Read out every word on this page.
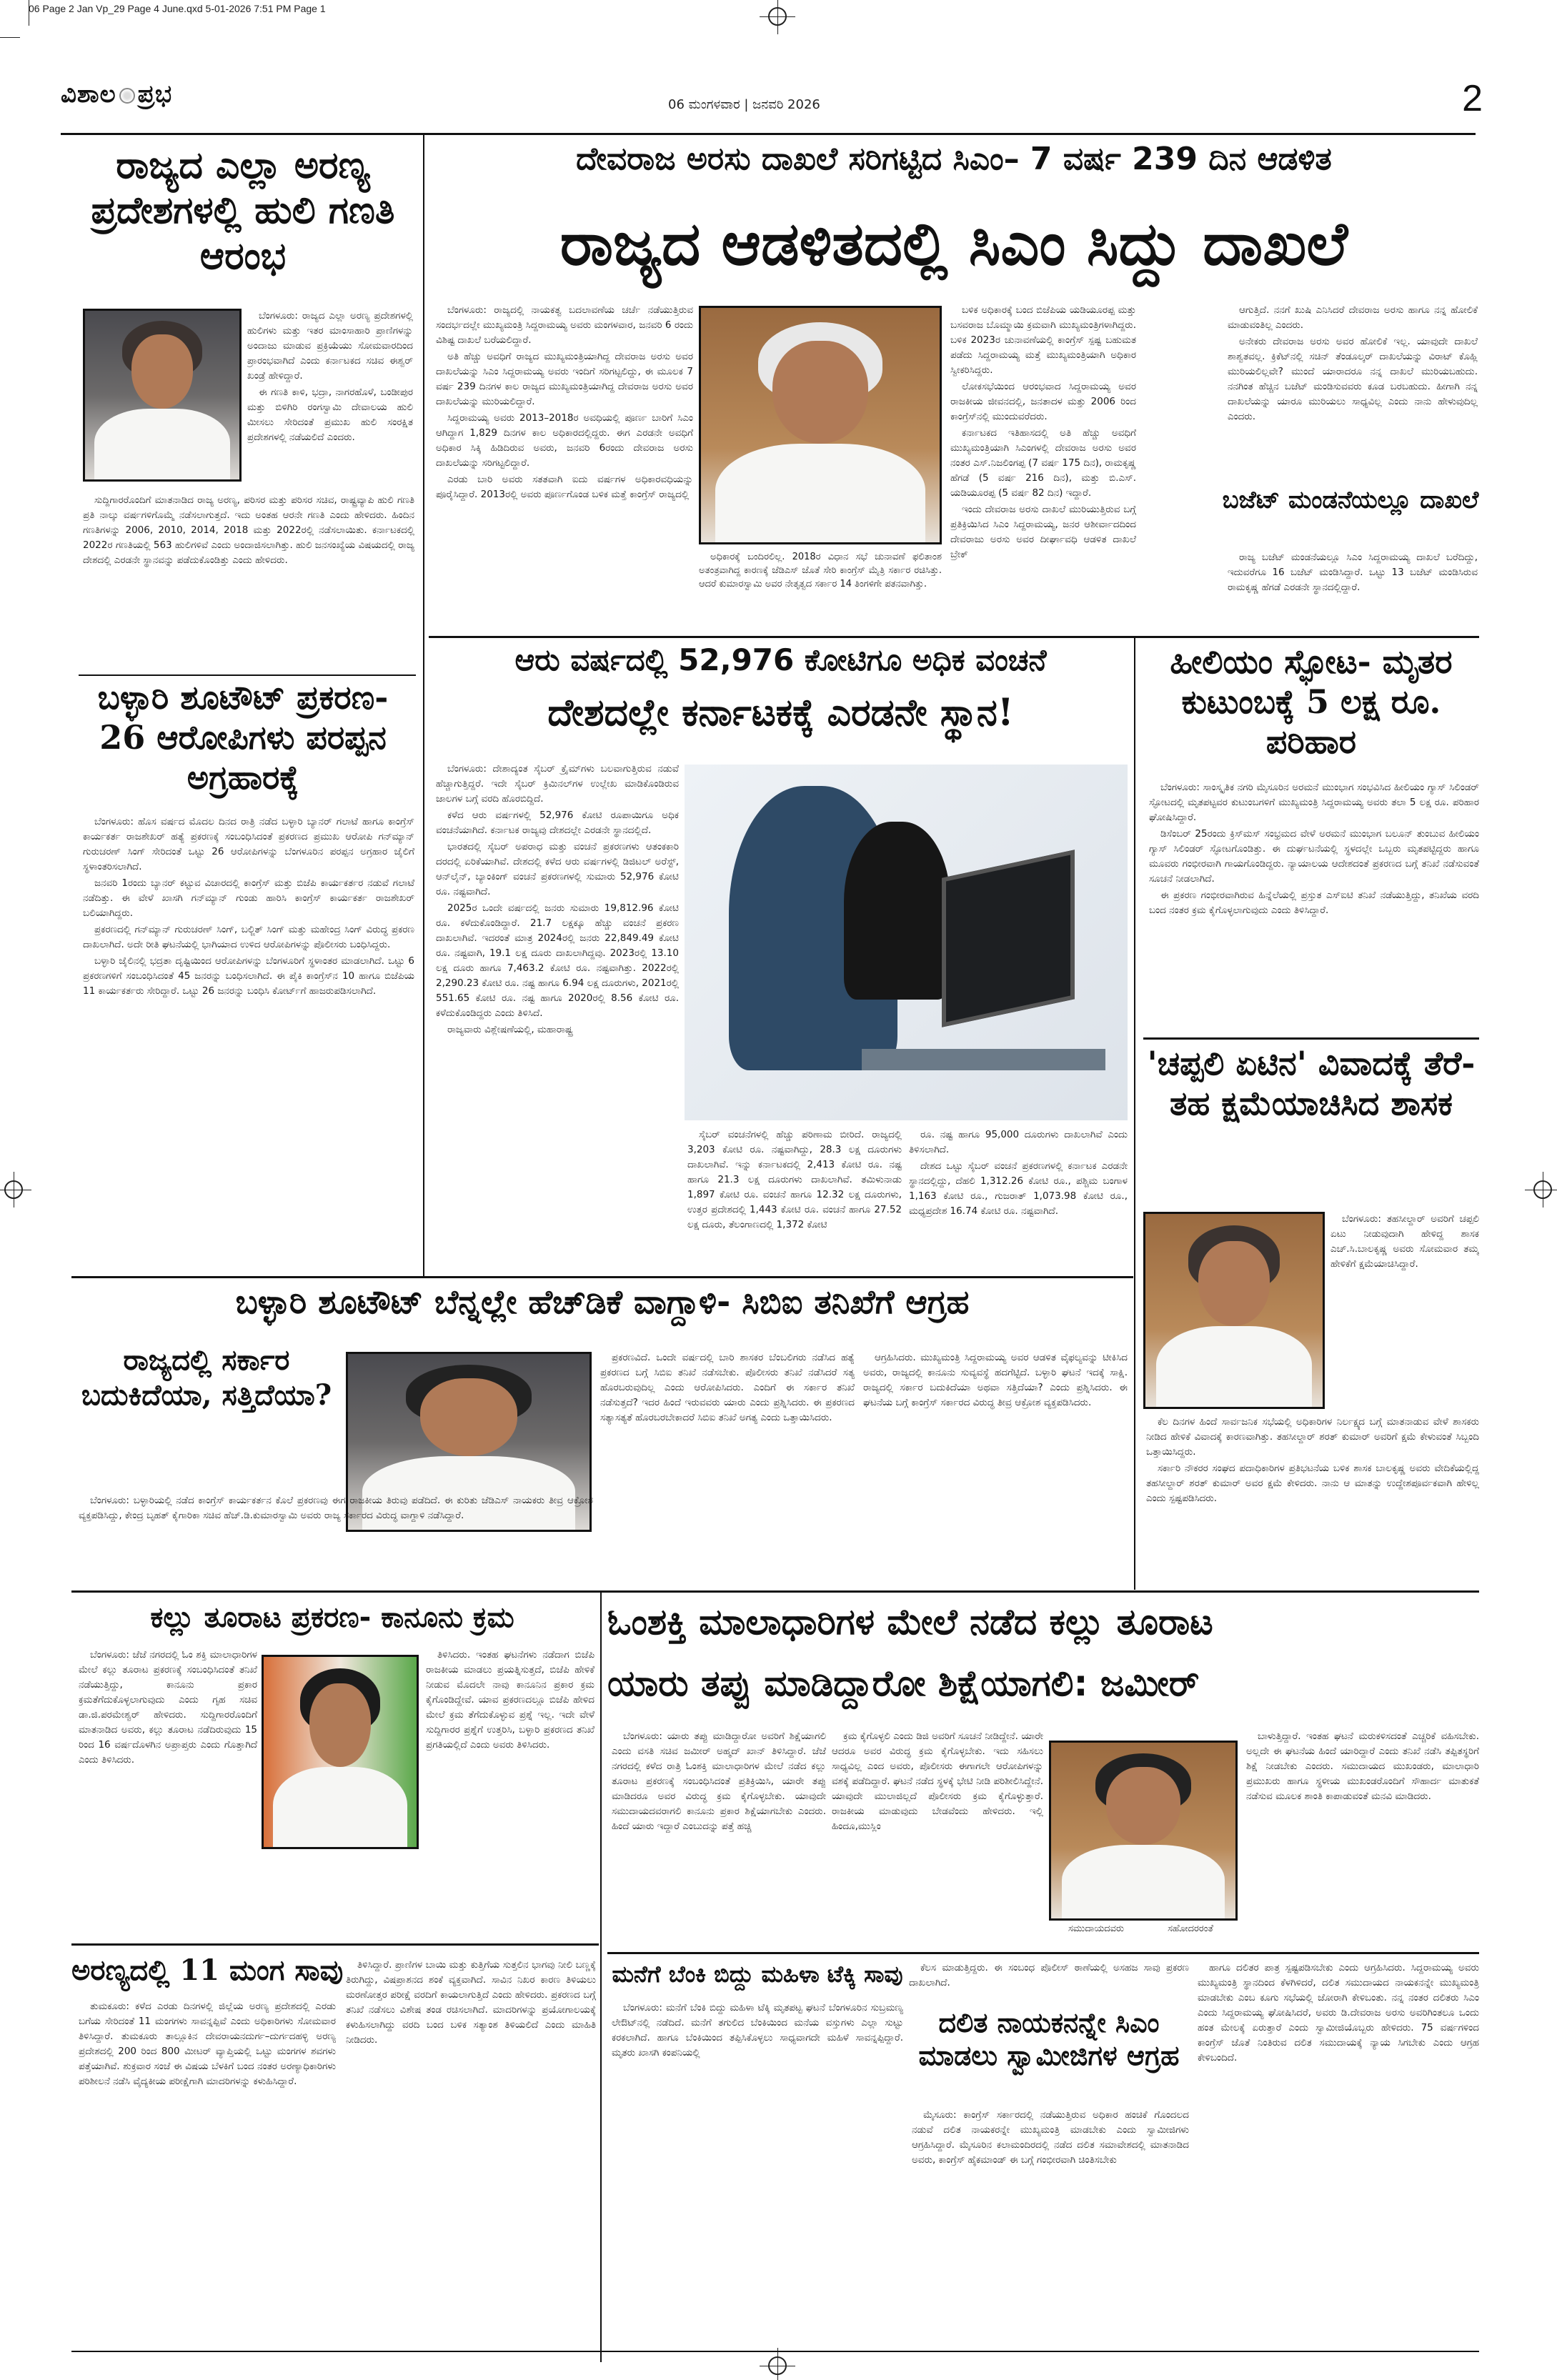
06 Page 2 Jan Vp_29 Page 4 June.qxd 5-01-2026 7:51 PM Page 1
ವಿಶಾಲ ಪ್ರಭ	06 ಮಂಗಳವಾರ | ಜನವರಿ 2026	2
ರಾಜ್ಯದ ಎಲ್ಲಾ ಅರಣ್ಯ ಪ್ರದೇಶಗಳಲ್ಲಿ ಹುಲಿ ಗಣತಿ ಆರಂಭ

ಬೆಂಗಳೂರು: ರಾಜ್ಯದ ಎಲ್ಲಾ ಅರಣ್ಯ ಪ್ರದೇಶಗಳಲ್ಲಿ ಹುಲಿಗಳು ಮತ್ತು ಇತರ ಮಾಂಸಾಹಾರಿ ಪ್ರಾಣಿಗಳನ್ನು ಅಂದಾಜು ಮಾಡುವ ಪ್ರಕ್ರಿಯೆಯು ಸೋಮವಾರದಿಂದ ಪ್ರಾರಂಭವಾಗಿದೆ ಎಂದು ಕರ್ನಾಟಕದ ಸಚಿವ ಈಶ್ವರ್ ಖಂಡ್ರೆ ಹೇಳಿದ್ದಾರೆ.

ಈ ಗಣತಿ ಕಾಳಿ, ಭದ್ರಾ, ನಾಗರಹೊಳೆ, ಬಂಡೀಪುರ ಮತ್ತು ಬಿಳಿಗಿರಿ ರಂಗಸ್ವಾಮಿ ದೇವಾಲಯ ಹುಲಿ ಮೀಸಲು ಸೇರಿದಂತೆ ಪ್ರಮುಖ ಹುಲಿ ಸಂರಕ್ಷಿತ ಪ್ರದೇಶಗಳಲ್ಲಿ ನಡೆಯಲಿದೆ ಎಂದರು.

ಸುದ್ದಿಗಾರರೊಂದಿಗೆ ಮಾತನಾಡಿದ ರಾಜ್ಯ ಅರಣ್ಯ, ಪರಿಸರ ಮತ್ತು ಪರಿಸರ ಸಚಿವ, ರಾಷ್ಟ್ರವ್ಯಾಪಿ ಹುಲಿ ಗಣತಿ ಪ್ರತಿ ನಾಲ್ಕು ವರ್ಷಗಳಿಗೊಮ್ಮೆ ನಡೆಸಲಾಗುತ್ತದೆ. ಇದು ಅಂತಹ ಆರನೇ ಗಣತಿ ಎಂದು ಹೇಳಿದರು. ಹಿಂದಿನ ಗಣತಿಗಳನ್ನು 2006, 2010, 2014, 2018 ಮತ್ತು 2022ರಲ್ಲಿ ನಡೆಸಲಾಯಿತು. ಕರ್ನಾಟಕದಲ್ಲಿ 2022ರ ಗಣತಿಯಲ್ಲಿ 563 ಹುಲಿಗಳಿವೆ ಎಂದು ಅಂದಾಜಿಸಲಾಗಿತ್ತು. ಹುಲಿ ಜನಸಂಖ್ಯೆಯ ವಿಷಯದಲ್ಲಿ ರಾಜ್ಯ ದೇಶದಲ್ಲಿ ಎರಡನೇ ಸ್ಥಾನವನ್ನು ಪಡೆದುಕೊಂಡಿತ್ತು ಎಂದು ಹೇಳಿದರು.

ಬಳ್ಳಾರಿ ಶೂಟೌಟ್ ಪ್ರಕರಣ- 26 ಆರೋಪಿಗಳು ಪರಪ್ಪನ ಅಗ್ರಹಾರಕ್ಕೆ

ಬೆಂಗಳೂರು: ಹೊಸ ವರ್ಷದ ಮೊದಲ ದಿನದ ರಾತ್ರಿ ನಡೆದ ಬಳ್ಳಾರಿ ಬ್ಯಾನರ್ ಗಲಾಟೆ ಹಾಗೂ ಕಾಂಗ್ರೆಸ್ ಕಾರ್ಯಕರ್ತ ರಾಜಶೇಖರ್ ಹತ್ಯೆ ಪ್ರಕರಣಕ್ಕೆ ಸಂಬಂಧಿಸಿದಂತೆ ಪ್ರಕರಣದ ಪ್ರಮುಖ ಆರೋಪಿ ಗನ್‌ಮ್ಯಾನ್ ಗುರುಚರಣ್ ಸಿಂಗ್ ಸೇರಿದಂತೆ ಒಟ್ಟು 26 ಆರೋಪಿಗಳನ್ನು ಬೆಂಗಳೂರಿನ ಪರಪ್ಪನ ಅಗ್ರಹಾರ ಜೈಲಿಗೆ ಸ್ಥಳಾಂತರಿಸಲಾಗಿದೆ.

ಜನವರಿ 1ರಂದು ಬ್ಯಾನರ್ ಕಟ್ಟುವ ವಿಚಾರದಲ್ಲಿ ಕಾಂಗ್ರೆಸ್ ಮತ್ತು ಬಿಜೆಪಿ ಕಾರ್ಯಕರ್ತರ ನಡುವೆ ಗಲಾಟೆ ನಡೆದಿತ್ತು. ಈ ವೇಳೆ ಖಾಸಗಿ ಗನ್‌ಮ್ಯಾನ್ ಗುಂಡು ಹಾರಿಸಿ ಕಾಂಗ್ರೆಸ್ ಕಾರ್ಯಕರ್ತ ರಾಜಶೇಖರ್ ಬಲಿಯಾಗಿದ್ದರು.

ಪ್ರಕರಣದಲ್ಲಿ ಗನ್‌ಮ್ಯಾನ್ ಗುರುಚರಣ್ ಸಿಂಗ್, ಬಲ್ಜಿತ್ ಸಿಂಗ್ ಮತ್ತು ಮಹೇಂದ್ರ ಸಿಂಗ್ ವಿರುದ್ಧ ಪ್ರಕರಣ ದಾಖಲಾಗಿದೆ. ಅದೇ ರೀತಿ ಘಟನೆಯಲ್ಲಿ ಭಾಗಿಯಾದ ಉಳಿದ ಆರೋಪಿಗಳನ್ನು ಪೊಲೀಸರು ಬಂಧಿಸಿದ್ದರು.

ಬಳ್ಳಾರಿ ಜೈಲಿನಲ್ಲಿ ಭದ್ರತಾ ದೃಷ್ಟಿಯಿಂದ ಆರೋಪಿಗಳನ್ನು ಬೆಂಗಳೂರಿಗೆ ಸ್ಥಳಾಂತರ ಮಾಡಲಾಗಿದೆ. ಒಟ್ಟು 6 ಪ್ರಕರಣಗಳಿಗೆ ಸಂಬಂಧಿಸಿದಂತೆ 45 ಜನರನ್ನು ಬಂಧಿಸಲಾಗಿದೆ. ಈ ಪೈಕಿ ಕಾಂಗ್ರೆಸ್‌ನ 10 ಹಾಗೂ ಬಿಜೆಪಿಯ 11 ಕಾರ್ಯಕರ್ತರು ಸೇರಿದ್ದಾರೆ. ಒಟ್ಟು 26 ಜನರನ್ನು ಬಂಧಿಸಿ ಕೋರ್ಟ್‌ಗೆ ಹಾಜರುಪಡಿಸಲಾಗಿದೆ.

ದೇವರಾಜ ಅರಸು ದಾಖಲೆ ಸರಿಗಟ್ಟಿದ ಸಿಎಂ– 7 ವರ್ಷ 239 ದಿನ ಆಡಳಿತ
ರಾಜ್ಯದ ಆಡಳಿತದಲ್ಲಿ ಸಿಎಂ ಸಿದ್ದು ದಾಖಲೆ

ಬೆಂಗಳೂರು: ರಾಜ್ಯದಲ್ಲಿ ನಾಯಕತ್ವ ಬದಲಾವಣೆಯ ಚರ್ಚೆ ನಡೆಯುತ್ತಿರುವ ಸಂದರ್ಭದಲ್ಲೇ ಮುಖ್ಯಮಂತ್ರಿ ಸಿದ್ದರಾಮಯ್ಯ ಅವರು ಮಂಗಳವಾರ, ಜನವರಿ 6 ರಂದು ವಿಶಿಷ್ಟ ದಾಖಲೆ ಬರೆಯಲಿದ್ದಾರೆ.

ಅತಿ ಹೆಚ್ಚು ಅವಧಿಗೆ ರಾಜ್ಯದ ಮುಖ್ಯಮಂತ್ರಿಯಾಗಿದ್ದ ದೇವರಾಜ ಅರಸು ಅವರ ದಾಖಲೆಯನ್ನು ಸಿಎಂ ಸಿದ್ದರಾಮಯ್ಯ ಅವರು ಇಂದಿಗೆ ಸರಿಗಟ್ಟಲಿದ್ದು, ಈ ಮೂಲಕ 7 ವರ್ಷ 239 ದಿನಗಳ ಕಾಲ ರಾಜ್ಯದ ಮುಖ್ಯಮಂತ್ರಿಯಾಗಿದ್ದ ದೇವರಾಜ ಅರಸು ಅವರ ದಾಖಲೆಯನ್ನು ಮುರಿಯಲಿದ್ದಾರೆ.

ಸಿದ್ದರಾಮಯ್ಯ ಅವರು 2013–2018ರ ಅವಧಿಯಲ್ಲಿ ಪೂರ್ಣ ಬಾರಿಗೆ ಸಿಎಂ ಆಗಿದ್ದಾಗ 1,829 ದಿನಗಳ ಕಾಲ ಅಧಿಕಾರದಲ್ಲಿದ್ದರು. ಈಗ ಎರಡನೇ ಅವಧಿಗೆ ಅಧಿಕಾರ ಸಿಕ್ಕಿ ಹಿಡಿದಿರುವ ಅವರು, ಜನವರಿ 6ರಂದು ದೇವರಾಜ ಅರಸು ದಾಖಲೆಯನ್ನು ಸರಿಗಟ್ಟಲಿದ್ದಾರೆ.

ಎರಡು ಬಾರಿ ಅವರು ಸತತವಾಗಿ ಐದು ವರ್ಷಗಳ ಅಧಿಕಾರವಧಿಯನ್ನು ಪೂರೈಸಿದ್ದಾರೆ. 2013ರಲ್ಲಿ ಅವರು ಪೂರ್ಣಗೊಂಡ ಬಳಿಕ ಮತ್ತೆ ಕಾಂಗ್ರೆಸ್ ರಾಜ್ಯದಲ್ಲಿ

ಅಧಿಕಾರಕ್ಕೆ ಬಂದಿರಲಿಲ್ಲ. 2018ರ ವಿಧಾನ ಸಭೆ ಚುನಾವಣೆ ಫಲಿತಾಂಶ ಅತಂತ್ರವಾಗಿದ್ದ ಕಾರಣಕ್ಕೆ ಜೆಡಿಎಸ್ ಜೊತೆ ಸೇರಿ ಕಾಂಗ್ರೆಸ್ ಮೈತ್ರಿ ಸರ್ಕಾರ ರಚಿಸಿತ್ತು. ಆದರೆ ಕುಮಾರಸ್ವಾಮಿ ಅವರ ನೇತೃತ್ವದ ಸರ್ಕಾರ 14 ತಿಂಗಳಿಗೇ ಪತನವಾಗಿತ್ತು.

ಬಳಿಕ ಅಧಿಕಾರಕ್ಕೆ ಬಂದ ಬಿಜೆಪಿಯ ಯಡಿಯೂರಪ್ಪ ಮತ್ತು ಬಸವರಾಜ ಬೊಮ್ಮಾಯಿ ಕ್ರಮವಾಗಿ ಮುಖ್ಯಮಂತ್ರಿಗಳಾಗಿದ್ದರು. ಬಳಿಕ 2023ರ ಚುನಾವಣೆಯಲ್ಲಿ ಕಾಂಗ್ರೆಸ್ ಸ್ಪಷ್ಟ ಬಹುಮತ ಪಡೆದು ಸಿದ್ದರಾಮಯ್ಯ ಮತ್ತೆ ಮುಖ್ಯಮಂತ್ರಿಯಾಗಿ ಅಧಿಕಾರ ಸ್ವೀಕರಿಸಿದ್ದರು.

ಲೋಕಸಭೆಯಿಂದ ಆರಂಭವಾದ ಸಿದ್ದರಾಮಯ್ಯ ಅವರ ರಾಜಕೀಯ ಜೀವನದಲ್ಲಿ, ಜನತಾದಳ ಮತ್ತು 2006 ರಿಂದ ಕಾಂಗ್ರೆಸ್‌ನಲ್ಲಿ ಮುಂದುವರೆದರು.

ಕರ್ನಾಟಕದ ಇತಿಹಾಸದಲ್ಲಿ ಅತಿ ಹೆಚ್ಚು ಅವಧಿಗೆ ಮುಖ್ಯಮಂತ್ರಿಯಾಗಿ ಸಿಎಂಗಳಲ್ಲಿ ದೇವರಾಜ ಅರಸು ಅವರ ನಂತರ ಎಸ್.ನಿಜಲಿಂಗಪ್ಪ (7 ವರ್ಷ 175 ದಿನ), ರಾಮಕೃಷ್ಣ ಹೆಗಡೆ (5 ವರ್ಷ 216 ದಿನ), ಮತ್ತು ಬಿ.ಎಸ್. ಯಡಿಯೂರಪ್ಪ (5 ವರ್ಷ 82 ದಿನ) ಇದ್ದಾರೆ.

ಇಂದು ದೇವರಾಜ ಅರಸು ದಾಖಲೆ ಮುರಿಯುತ್ತಿರುವ ಬಗ್ಗೆ ಪ್ರತಿಕ್ರಿಯಿಸಿದ ಸಿಎಂ ಸಿದ್ದರಾಮಯ್ಯ, ಜನರ ಆಶೀರ್ವಾದದಿಂದ ದೇವರಾಜು ಅರಸು ಅವರ ದೀರ್ಘಾವಧಿ ಆಡಳಿತ ದಾಖಲೆ ಬ್ರೇಕ್

ಆಗುತ್ತಿದೆ. ನನಗೆ ಖುಷಿ ಎನಿಸಿದರೆ ದೇವರಾಜ ಅರಸು ಹಾಗೂ ನನ್ನ ಹೋಲಿಕೆ ಮಾಡುವಂತಿಲ್ಲ ಎಂದರು.

ಅನೇಕರು ದೇವರಾಜ ಅರಸು ಅವರ ಹೋಲಿಕೆ ಇಲ್ಲ. ಯಾವುದೇ ದಾಖಲೆ ಶಾಶ್ವತವಲ್ಲ. ಕ್ರಿಕೆಟ್‌ನಲ್ಲಿ ಸಚಿನ್ ತೆಂಡೂಲ್ಕರ್ ದಾಖಲೆಯನ್ನು ವಿರಾಟ್ ಕೊಹ್ಲಿ ಮುರಿಯಲಿಲ್ಲವೇ? ಮುಂದೆ ಯಾರಾದರೂ ನನ್ನ ದಾಖಲೆ ಮುರಿಯಬಹುದು. ನನಗಿಂತ ಹೆಚ್ಚಿನ ಬಜೆಟ್ ಮಂಡಿಸುವವರು ಕೂಡ ಬರಬಹುದು. ಹೀಗಾಗಿ ನನ್ನ ದಾಖಲೆಯನ್ನು ಯಾರೂ ಮುರಿಯಲು ಸಾಧ್ಯವಿಲ್ಲ ಎಂದು ನಾನು ಹೇಳುವುದಿಲ್ಲ ಎಂದರು.

ಬಜೆಟ್ ಮಂಡನೆಯಲ್ಲೂ ದಾಖಲೆ

ರಾಜ್ಯ ಬಜೆಟ್ ಮಂಡನೆಯಲ್ಲೂ ಸಿಎಂ ಸಿದ್ದರಾಮಯ್ಯ ದಾಖಲೆ ಬರೆದಿದ್ದು, ಇದುವರೆಗೂ 16 ಬಜೆಟ್ ಮಂಡಿಸಿದ್ದಾರೆ. ಒಟ್ಟು 13 ಬಜೆಟ್ ಮಂಡಿಸಿರುವ ರಾಮಕೃಷ್ಣ ಹೆಗಡೆ ಎರಡನೇ ಸ್ಥಾನದಲ್ಲಿದ್ದಾರೆ.

ಆರು ವರ್ಷದಲ್ಲಿ 52,976 ಕೋಟಿಗೂ ಅಧಿಕ ವಂಚನೆ
ದೇಶದಲ್ಲೇ ಕರ್ನಾಟಕಕ್ಕೆ ಎರಡನೇ ಸ್ಥಾನ!

ಬೆಂಗಳೂರು: ದೇಶಾದ್ಯಂತ ಸೈಬರ್ ಕ್ರೈಮ್‌ಗಳು ಬಲವಾಗುತ್ತಿರುವ ನಡುವೆ ಹೆಚ್ಚಾಗುತ್ತಿದ್ದರೆ. ಇದೇ ಸೈಬರ್ ಕ್ರಿಮಿನಲ್‌ಗಳ ಉಲ್ಲೇಖ ಮಾಡಿಕೊಂಡಿರುವ ಜಾಲಗಳ ಬಗ್ಗೆ ವರದಿ ಹೊರಬಿದ್ದಿದೆ.

ಕಳೆದ ಆರು ವರ್ಷಗಳಲ್ಲಿ 52,976 ಕೋಟಿ ರೂಪಾಯಿಗೂ ಅಧಿಕ ವಂಚನೆಯಾಗಿದೆ. ಕರ್ನಾಟಕ ರಾಜ್ಯವು ದೇಶದಲ್ಲೇ ಎರಡನೇ ಸ್ಥಾನದಲ್ಲಿದೆ.

ಭಾರತದಲ್ಲಿ ಸೈಬರ್ ಅಪರಾಧ ಮತ್ತು ವಂಚನೆ ಪ್ರಕರಣಗಳು ಆತಂಕಕಾರಿ ದರದಲ್ಲಿ ಏರಿಕೆಯಾಗಿವೆ. ದೇಶದಲ್ಲಿ ಕಳೆದ ಆರು ವರ್ಷಗಳಲ್ಲಿ ಡಿಜಿಟಲ್ ಅರೆಸ್ಟ್, ಆನ್‌ಲೈನ್, ಬ್ಯಾಂಕಿಂಗ್ ವಂಚನೆ ಪ್ರಕರಣಗಳಲ್ಲಿ ಸುಮಾರು 52,976 ಕೋಟಿ ರೂ. ನಷ್ಟವಾಗಿದೆ.

2025ರ ಒಂದೇ ವರ್ಷದಲ್ಲಿ ಜನರು ಸುಮಾರು 19,812.96 ಕೋಟಿ ರೂ. ಕಳೆದುಕೊಂಡಿದ್ದಾರೆ. 21.7 ಲಕ್ಷಕ್ಕೂ ಹೆಚ್ಚು ವಂಚನೆ ಪ್ರಕರಣ ದಾಖಲಾಗಿವೆ. ಇದರಂತೆ ಮಾತ್ರ 2024ರಲ್ಲಿ ಜನರು 22,849.49 ಕೋಟಿ ರೂ. ನಷ್ಟವಾಗಿ, 19.1 ಲಕ್ಷ ದೂರು ದಾಖಲಾಗಿದ್ದವು. 2023ರಲ್ಲಿ 13.10 ಲಕ್ಷ ದೂರು ಹಾಗೂ 7,463.2 ಕೋಟಿ ರೂ. ನಷ್ಟವಾಗಿತ್ತು. 2022ರಲ್ಲಿ 2,290.23 ಕೋಟಿ ರೂ. ನಷ್ಟ ಹಾಗೂ 6.94 ಲಕ್ಷ ದೂರುಗಳು, 2021ರಲ್ಲಿ 551.65 ಕೋಟಿ ರೂ. ನಷ್ಟ ಹಾಗೂ 2020ರಲ್ಲಿ 8.56 ಕೋಟಿ ರೂ. ಕಳೆದುಕೊಂಡಿದ್ದರು ಎಂದು ತಿಳಿಸಿದೆ.

ರಾಜ್ಯವಾರು ವಿಶ್ಲೇಷಣೆಯಲ್ಲಿ, ಮಹಾರಾಷ್ಟ್ರ

ಸೈಬರ್ ವಂಚನೆಗಳಲ್ಲಿ ಹೆಚ್ಚು ಪರಿಣಾಮ ಬೀರಿದೆ. ರಾಜ್ಯದಲ್ಲಿ 3,203 ಕೋಟಿ ರೂ. ನಷ್ಟವಾಗಿದ್ದು, 28.3 ಲಕ್ಷ ದೂರುಗಳು ದಾಖಲಾಗಿವೆ. ಇನ್ನು ಕರ್ನಾಟಕದಲ್ಲಿ 2,413 ಕೋಟಿ ರೂ. ನಷ್ಟ ಹಾಗೂ 21.3 ಲಕ್ಷ ದೂರುಗಳು ದಾಖಲಾಗಿವೆ. ತಮಿಳುನಾಡು 1,897 ಕೋಟಿ ರೂ. ವಂಚನೆ ಹಾಗೂ 12.32 ಲಕ್ಷ ದೂರುಗಳು, ಉತ್ತರ ಪ್ರದೇಶದಲ್ಲಿ 1,443 ಕೋಟಿ ರೂ. ವಂಚನೆ ಹಾಗೂ 27.52 ಲಕ್ಷ ದೂರು, ತೆಲಂಗಾಣದಲ್ಲಿ 1,372 ಕೋಟಿ

ರೂ. ನಷ್ಟ ಹಾಗೂ 95,000 ದೂರುಗಳು ದಾಖಲಾಗಿವೆ ಎಂದು ತಿಳಿಸಲಾಗಿದೆ.

ದೇಶದ ಒಟ್ಟು ಸೈಬರ್ ವಂಚನೆ ಪ್ರಕರಣಗಳಲ್ಲಿ ಕರ್ನಾಟಕ ಎರಡನೇ ಸ್ಥಾನದಲ್ಲಿದ್ದು, ದೆಹಲಿ 1,312.26 ಕೋಟಿ ರೂ., ಪಶ್ಚಿಮ ಬಂಗಾಳ 1,163 ಕೋಟಿ ರೂ., ಗುಜರಾತ್ 1,073.98 ಕೋಟಿ ರೂ., ಮಧ್ಯಪ್ರದೇಶ 16.74 ಕೋಟಿ ರೂ. ನಷ್ಟವಾಗಿದೆ.

ಹೀಲಿಯಂ ಸ್ಫೋಟ- ಮೃತರ ಕುಟುಂಬಕ್ಕೆ 5 ಲಕ್ಷ ರೂ. ಪರಿಹಾರ

ಬೆಂಗಳೂರು: ಸಾಂಸ್ಕೃತಿಕ ನಗರಿ ಮೈಸೂರಿನ ಅರಮನೆ ಮುಂಭಾಗ ಸಂಭವಿಸಿದ ಹೀಲಿಯಂ ಗ್ಯಾಸ್ ಸಿಲಿಂಡರ್ ಸ್ಫೋಟದಲ್ಲಿ ಮೃತಪಟ್ಟವರ ಕುಟುಂಬಗಳಿಗೆ ಮುಖ್ಯಮಂತ್ರಿ ಸಿದ್ದರಾಮಯ್ಯ ಅವರು ತಲಾ 5 ಲಕ್ಷ ರೂ. ಪರಿಹಾರ ಘೋಷಿಸಿದ್ದಾರೆ.

ಡಿಸೆಂಬರ್ 25ರಂದು ಕ್ರಿಸ್‌ಮಸ್ ಸಂಭ್ರಮದ ವೇಳೆ ಅರಮನೆ ಮುಂಭಾಗ ಬಲೂನ್ ತುಂಬುವ ಹೀಲಿಯಂ ಗ್ಯಾಸ್ ಸಿಲಿಂಡರ್ ಸ್ಫೋಟಗೊಂಡಿತ್ತು. ಈ ದುರ್ಘಟನೆಯಲ್ಲಿ ಸ್ಥಳದಲ್ಲೇ ಒಬ್ಬರು ಮೃತಪಟ್ಟಿದ್ದರು ಹಾಗೂ ಮೂವರು ಗಂಭೀರವಾಗಿ ಗಾಯಗೊಂಡಿದ್ದರು. ನ್ಯಾಯಾಲಯ ಆದೇಶದಂತೆ ಪ್ರಕರಣದ ಬಗ್ಗೆ ತನಿಖೆ ನಡೆಸುವಂತೆ ಸೂಚನೆ ನೀಡಲಾಗಿದೆ.

ಈ ಪ್ರಕರಣ ಗಂಭೀರವಾಗಿರುವ ಹಿನ್ನೆಲೆಯಲ್ಲಿ ಪ್ರಸ್ತುತ ಎಸ್‌ಐಟಿ ತನಿಖೆ ನಡೆಯುತ್ತಿದ್ದು, ತನಿಖೆಯ ವರದಿ ಬಂದ ನಂತರ ಕ್ರಮ ಕೈಗೊಳ್ಳಲಾಗುವುದು ಎಂದು ತಿಳಿಸಿದ್ದಾರೆ.

'ಚಪ್ಪಲಿ ಏಟಿನ' ವಿವಾದಕ್ಕೆ ತೆರೆ-ತಹ ಕ್ಷಮೆಯಾಚಿಸಿದ ಶಾಸಕ

ಬೆಂಗಳೂರು: ತಹಸೀಲ್ದಾರ್ ಅವರಿಗೆ ಚಪ್ಪಲಿ ಏಟು ನೀಡುವುದಾಗಿ ಹೇಳಿದ್ದ ಶಾಸಕ ಎಚ್.ಸಿ.ಬಾಲಕೃಷ್ಣ ಅವರು ಸೋಮವಾರ ತಮ್ಮ ಹೇಳಿಕೆಗೆ ಕ್ಷಮೆಯಾಚಿಸಿದ್ದಾರೆ.

ಕೆಲ ದಿನಗಳ ಹಿಂದೆ ಸಾರ್ವಜನಿಕ ಸಭೆಯಲ್ಲಿ ಅಧಿಕಾರಿಗಳ ನಿರ್ಲಕ್ಷ್ಯದ ಬಗ್ಗೆ ಮಾತನಾಡುವ ವೇಳೆ ಶಾಸಕರು ನೀಡಿದ ಹೇಳಿಕೆ ವಿವಾದಕ್ಕೆ ಕಾರಣವಾಗಿತ್ತು. ತಹಸೀಲ್ದಾರ್ ಶರತ್ ಕುಮಾರ್ ಅವರಿಗೆ ಕ್ಷಮೆ ಕೇಳುವಂತೆ ಸಿಬ್ಬಂದಿ ಒತ್ತಾಯಿಸಿದ್ದರು.

ಸರ್ಕಾರಿ ನೌಕರರ ಸಂಘದ ಪದಾಧಿಕಾರಿಗಳ ಪ್ರತಿಭಟನೆಯ ಬಳಿಕ ಶಾಸಕ ಬಾಲಕೃಷ್ಣ ಅವರು ವೇದಿಕೆಯಲ್ಲಿದ್ದ ತಹಸೀಲ್ದಾರ್ ಶರತ್ ಕುಮಾರ್ ಅವರ ಕ್ಷಮೆ ಕೇಳಿದರು. ನಾನು ಆ ಮಾತನ್ನು ಉದ್ದೇಶಪೂರ್ವಕವಾಗಿ ಹೇಳಿಲ್ಲ ಎಂದು ಸ್ಪಷ್ಟಪಡಿಸಿದರು.

ಬಳ್ಳಾರಿ ಶೂಟೌಟ್ ಬೆನ್ನಲ್ಲೇ ಹೆಚ್‌ಡಿಕೆ ವಾಗ್ದಾಳಿ- ಸಿಬಿಐ ತನಿಖೆಗೆ ಆಗ್ರಹ
ರಾಜ್ಯದಲ್ಲಿ ಸರ್ಕಾರ ಬದುಕಿದೆಯಾ, ಸತ್ತಿದೆಯಾ?

ಬೆಂಗಳೂರು: ಬಳ್ಳಾರಿಯಲ್ಲಿ ನಡೆದ ಕಾಂಗ್ರೆಸ್ ಕಾರ್ಯಕರ್ತನ ಕೊಲೆ ಪ್ರಕರಣವು ಈಗ ರಾಜಕೀಯ ತಿರುವು ಪಡೆದಿದೆ. ಈ ಕುರಿತು ಜೆಡಿಎಸ್ ನಾಯಕರು ತೀವ್ರ ಆಕ್ರೋಶ ವ್ಯಕ್ತಪಡಿಸಿದ್ದು, ಕೇಂದ್ರ ಬೃಹತ್ ಕೈಗಾರಿಕಾ ಸಚಿವ ಹೆಚ್.ಡಿ.ಕುಮಾರಸ್ವಾಮಿ ಅವರು ರಾಜ್ಯ ಸರ್ಕಾರದ ವಿರುದ್ಧ ವಾಗ್ದಾಳಿ ನಡೆಸಿದ್ದಾರೆ.

ಪ್ರಕರಣವಿದೆ. ಒಂದೇ ವರ್ಷದಲ್ಲಿ ಬಾರಿ ಶಾಸಕರ ಬೆಂಬಲಿಗರು ನಡೆಸಿದ ಹತ್ಯೆ ಪ್ರಕರಣದ ಬಗ್ಗೆ ಸಿಬಿಐ ತನಿಖೆ ನಡೆಸಬೇಕು. ಪೊಲೀಸರು ತನಿಖೆ ನಡೆಸಿದರೆ ಸತ್ಯ ಹೊರಬರುವುದಿಲ್ಲ ಎಂದು ಆರೋಪಿಸಿದರು. ಎಂದಿಗೆ ಈ ಸರ್ಕಾರ ತನಿಖೆ ನಡೆಸುತ್ತದೆ? ಇದರ ಹಿಂದೆ ಇರುವವರು ಯಾರು ಎಂದು ಪ್ರಶ್ನಿಸಿದರು. ಈ ಪ್ರಕರಣದ ಸತ್ಯಾಸತ್ಯತೆ ಹೊರಬರಬೇಕಾದರೆ ಸಿಬಿಐ ತನಿಖೆ ಅಗತ್ಯ ಎಂದು ಒತ್ತಾಯಿಸಿದರು.

ಆಗ್ರಹಿಸಿದರು. ಮುಖ್ಯಮಂತ್ರಿ ಸಿದ್ದರಾಮಯ್ಯ ಅವರ ಆಡಳಿತ ವೈಫಲ್ಯವನ್ನು ಟೀಕಿಸಿದ ಅವರು, ರಾಜ್ಯದಲ್ಲಿ ಕಾನೂನು ಸುವ್ಯವಸ್ಥೆ ಹದಗೆಟ್ಟಿದೆ. ಬಳ್ಳಾರಿ ಘಟನೆ ಇದಕ್ಕೆ ಸಾಕ್ಷಿ. ರಾಜ್ಯದಲ್ಲಿ ಸರ್ಕಾರ ಬದುಕಿದೆಯಾ ಅಥವಾ ಸತ್ತಿದೆಯಾ? ಎಂದು ಪ್ರಶ್ನಿಸಿದರು. ಈ ಘಟನೆಯ ಬಗ್ಗೆ ಕಾಂಗ್ರೆಸ್ ಸರ್ಕಾರದ ವಿರುದ್ಧ ತೀವ್ರ ಆಕ್ರೋಶ ವ್ಯಕ್ತಪಡಿಸಿದರು.

ಕಲ್ಲು ತೂರಾಟ ಪ್ರಕರಣ- ಕಾನೂನು ಕ್ರಮ

ಬೆಂಗಳೂರು: ಜೆಜೆ ನಗರದಲ್ಲಿ ಓಂ ಶಕ್ತಿ ಮಾಲಾಧಾರಿಗಳ ಮೇಲೆ ಕಲ್ಲು ತೂರಾಟ ಪ್ರಕರಣಕ್ಕೆ ಸಂಬಂಧಿಸಿದಂತೆ ತನಿಖೆ ನಡೆಯುತ್ತಿದ್ದು, ಕಾನೂನು ಪ್ರಕಾರ ಕ್ರಮತೆಗೆದುಕೊಳ್ಳಲಾಗುವುದು ಎಂದು ಗೃಹ ಸಚಿವ ಡಾ.ಜಿ.ಪರಮೇಶ್ವರ್ ಹೇಳಿದರು. ಸುದ್ದಿಗಾರರೊಂದಿಗೆ ಮಾತನಾಡಿದ ಅವರು, ಕಲ್ಲು ತೂರಾಟ ನಡೆದಿರುವುದು 15 ರಿಂದ 16 ವರ್ಷದೊಳಗಿನ ಅಪ್ರಾಪ್ತರು ಎಂದು ಗೊತ್ತಾಗಿದೆ ಎಂದು ತಿಳಿಸಿದರು.

ತಿಳಿಸಿದರು. ಇಂತಹ ಘಟನೆಗಳು ನಡೆದಾಗ ಬಿಜೆಪಿ ರಾಜಕೀಯ ಮಾಡಲು ಪ್ರಯತ್ನಿಸುತ್ತದೆ, ಬಿಜೆಪಿ ಹೇಳಿಕೆ ನೀಡುವ ಮೊದಲೇ ನಾವು ಕಾನೂನಿನ ಪ್ರಕಾರ ಕ್ರಮ ಕೈಗೊಂಡಿದ್ದೇವೆ. ಯಾವ ಪ್ರಕರಣದಲ್ಲೂ ಬಿಜೆಪಿ ಹೇಳಿದ ಮೇಲೆ ಕ್ರಮ ತೆಗೆದುಕೊಳ್ಳುವ ಪ್ರಶ್ನೆ ಇಲ್ಲ. ಇದೇ ವೇಳೆ ಸುದ್ದಿಗಾರರ ಪ್ರಶ್ನೆಗೆ ಉತ್ತರಿಸಿ, ಬಳ್ಳಾರಿ ಪ್ರಕರಣದ ತನಿಖೆ ಪ್ರಗತಿಯಲ್ಲಿದೆ ಎಂದು ಅವರು ತಿಳಿಸಿದರು.

ಓಂಶಕ್ತಿ ಮಾಲಾಧಾರಿಗಳ ಮೇಲೆ ನಡೆದ ಕಲ್ಲು ತೂರಾಟ
ಯಾರು ತಪ್ಪು ಮಾಡಿದ್ದಾರೋ ಶಿಕ್ಷೆಯಾಗಲಿ: ಜಮೀರ್

ಬೆಂಗಳೂರು: ಯಾರು ತಪ್ಪು ಮಾಡಿದ್ದಾರೋ ಅವರಿಗೆ ಶಿಕ್ಷೆಯಾಗಲಿ ಎಂದು ವಸತಿ ಸಚಿವ ಜಮೀರ್ ಅಹ್ಮದ್ ಖಾನ್ ತಿಳಿಸಿದ್ದಾರೆ. ಜೆಜೆ ನಗರದಲ್ಲಿ ಕಳೆದ ರಾತ್ರಿ ಓಂಶಕ್ತಿ ಮಾಲಾಧಾರಿಗಳ ಮೇಲೆ ನಡೆದ ಕಲ್ಲು ತೂರಾಟ ಪ್ರಕರಣಕ್ಕೆ ಸಂಬಂಧಿಸಿದಂತೆ ಪ್ರತಿಕ್ರಿಯಿಸಿ, ಯಾರೇ ತಪ್ಪು ಮಾಡಿದರೂ ಅವರ ವಿರುದ್ಧ ಕ್ರಮ ಕೈಗೊಳ್ಳಬೇಕು. ಯಾವುದೇ ಸಮುದಾಯದವರಾಗಲಿ ಕಾನೂನು ಪ್ರಕಾರ ಶಿಕ್ಷೆಯಾಗಬೇಕು ಎಂದರು. ಹಿಂದೆ ಯಾರು ಇದ್ದಾರೆ ಎಂಬುದನ್ನು ಪತ್ತೆ ಹಚ್ಚಿ

ಕ್ರಮ ಕೈಗೊಳ್ಳಲಿ ಎಂದು ಡಿಜಿ ಅವರಿಗೆ ಸೂಚನೆ ನೀಡಿದ್ದೇನೆ. ಯಾರೇ ಆದರೂ ಅವರ ವಿರುದ್ಧ ಕ್ರಮ ಕೈಗೊಳ್ಳಬೇಕು. ಇದು ಸಹಿಸಲು ಸಾಧ್ಯವಿಲ್ಲ ಎಂದ ಅವರು, ಪೊಲೀಸರು ಈಗಾಗಲೇ ಆರೋಪಿಗಳನ್ನು ವಶಕ್ಕೆ ಪಡೆದಿದ್ದಾರೆ. ಘಟನೆ ನಡೆದ ಸ್ಥಳಕ್ಕೆ ಭೇಟಿ ನೀಡಿ ಪರಿಶೀಲಿಸಿದ್ದೇನೆ. ಯಾವುದೇ ಮುಲಾಜಿಲ್ಲದೆ ಪೊಲೀಸರು ಕ್ರಮ ಕೈಗೊಳ್ಳುತ್ತಾರೆ. ರಾಜಕೀಯ ಮಾಡುವುದು ಬೇಡವೆಂದು ಹೇಳಿದರು. ಇಲ್ಲಿ ಹಿಂದೂ,ಮುಸ್ಲಿಂ

ಸಮುದಾಯದವರು	ಸಹೋದರರಂತೆ

ಬಾಳುತ್ತಿದ್ದಾರೆ. ಇಂತಹ ಘಟನೆ ಮರುಕಳಿಸದಂತೆ ಎಚ್ಚರಿಕೆ ವಹಿಸಬೇಕು. ಅಲ್ಲದೇ ಈ ಘಟನೆಯ ಹಿಂದೆ ಯಾರಿದ್ದಾರೆ ಎಂದು ತನಿಖೆ ನಡೆಸಿ ತಪ್ಪಿತಸ್ಥರಿಗೆ ಶಿಕ್ಷೆ ನೀಡಬೇಕು ಎಂದರು. ಸಮುದಾಯದ ಮುಖಂಡರು, ಮಾಲಾಧಾರಿ ಪ್ರಮುಖರು ಹಾಗೂ ಸ್ಥಳೀಯ ಮುಖಂಡರೊಂದಿಗೆ ಸೌಹಾರ್ದ ಮಾತುಕತೆ ನಡೆಸುವ ಮೂಲಕ ಶಾಂತಿ ಕಾಪಾಡುವಂತೆ ಮನವಿ ಮಾಡಿದರು.

ಅರಣ್ಯದಲ್ಲಿ 11 ಮಂಗ ಸಾವು

ತುಮಕೂರು: ಕಳೆದ ಎರಡು ದಿನಗಳಲ್ಲಿ ಜಿಲ್ಲೆಯ ಅರಣ್ಯ ಪ್ರದೇಶದಲ್ಲಿ ಎರಡು ಬಗೆಯ ಸೇರಿದಂತೆ 11 ಮಂಗಗಳು ಸಾವನ್ನಪ್ಪಿವೆ ಎಂದು ಅಧಿಕಾರಿಗಳು ಸೋಮವಾರ ತಿಳಿಸಿದ್ದಾರೆ. ತುಮಕೂರು ತಾಲ್ಲೂಕಿನ ದೇವರಾಯನದುರ್ಗ–ದುರ್ಗದಹಳ್ಳಿ ಅರಣ್ಯ ಪ್ರದೇಶದಲ್ಲಿ 200 ರಿಂದ 800 ಮೀಟರ್ ವ್ಯಾಪ್ತಿಯಲ್ಲಿ ಒಟ್ಟು ಮಂಗಗಳ ಶವಗಳು ಪತ್ತೆಯಾಗಿವೆ. ಶುಕ್ರವಾರ ಸಂಜೆ ಈ ವಿಷಯ ಬೆಳಕಿಗೆ ಬಂದ ನಂತರ ಅರಣ್ಯಾಧಿಕಾರಿಗಳು ಪರಿಶೀಲನೆ ನಡೆಸಿ ವೈದ್ಯಕೀಯ ಪರೀಕ್ಷೆಗಾಗಿ ಮಾದರಿಗಳನ್ನು ಕಳುಹಿಸಿದ್ದಾರೆ.

ತಿಳಿಸಿದ್ದಾರೆ. ಪ್ರಾಣಿಗಳ ಬಾಯಿ ಮತ್ತು ಕುತ್ತಿಗೆಯ ಸುತ್ತಲಿನ ಭಾಗವು ನೀಲಿ ಬಣ್ಣಕ್ಕೆ ತಿರುಗಿದ್ದು, ವಿಷಪ್ರಾಶನದ ಶಂಕೆ ವ್ಯಕ್ತವಾಗಿದೆ. ಸಾವಿನ ನಿಖರ ಕಾರಣ ತಿಳಿಯಲು ಮರಣೋತ್ತರ ಪರೀಕ್ಷೆ ವರದಿಗೆ ಕಾಯಲಾಗುತ್ತಿದೆ ಎಂದು ಹೇಳಿದರು. ಪ್ರಕರಣದ ಬಗ್ಗೆ ತನಿಖೆ ನಡೆಸಲು ವಿಶೇಷ ತಂಡ ರಚಿಸಲಾಗಿದೆ. ಮಾದರಿಗಳನ್ನು ಪ್ರಯೋಗಾಲಯಕ್ಕೆ ಕಳುಹಿಸಲಾಗಿದ್ದು ವರದಿ ಬಂದ ಬಳಿಕ ಸತ್ಯಾಂಶ ತಿಳಿಯಲಿದೆ ಎಂದು ಮಾಹಿತಿ ನೀಡಿದರು.

ಮನೆಗೆ ಬೆಂಕಿ ಬಿದ್ದು ಮಹಿಳಾ ಟೆಕ್ಕಿ ಸಾವು

ಬೆಂಗಳೂರು: ಮನೆಗೆ ಬೆಂಕಿ ಬಿದ್ದು ಮಹಿಳಾ ಟೆಕ್ಕಿ ಮೃತಪಟ್ಟ ಘಟನೆ ಬೆಂಗಳೂರಿನ ಸುಬ್ರಮಣ್ಯ ಲೇಔಟ್‌ನಲ್ಲಿ ನಡೆದಿದೆ. ಮನೆಗೆ ತಗುಲಿದ ಬೆಂಕಿಯಿಂದ ಮನೆಯ ವಸ್ತುಗಳು ಎಲ್ಲಾ ಸುಟ್ಟು ಕರಕಲಾಗಿದೆ. ಹಾಗೂ ಬೆಂಕಿಯಿಂದ ತಪ್ಪಿಸಿಕೊಳ್ಳಲು ಸಾಧ್ಯವಾಗದೇ ಮಹಿಳೆ ಸಾವನ್ನಪ್ಪಿದ್ದಾರೆ. ಮೃತರು ಖಾಸಗಿ ಕಂಪನಿಯಲ್ಲಿ

ಕೆಲಸ ಮಾಡುತ್ತಿದ್ದರು. ಈ ಸಂಬಂಧ ಪೊಲೀಸ್ ಠಾಣೆಯಲ್ಲಿ ಅಸಹಜ ಸಾವು ಪ್ರಕರಣ ದಾಖಲಾಗಿದೆ.

ದಲಿತ ನಾಯಕನನ್ನೇ ಸಿಎಂ ಮಾಡಲು ಸ್ವಾಮೀಜಿಗಳ ಆಗ್ರಹ

ಮೈಸೂರು: ಕಾಂಗ್ರೆಸ್ ಸರ್ಕಾರದಲ್ಲಿ ನಡೆಯುತ್ತಿರುವ ಅಧಿಕಾರ ಹಂಚಿಕೆ ಗೊಂದಲದ ನಡುವೆ ದಲಿತ ನಾಯಕರನ್ನೇ ಮುಖ್ಯಮಂತ್ರಿ ಮಾಡಬೇಕು ಎಂದು ಸ್ವಾಮೀಜಿಗಳು ಆಗ್ರಹಿಸಿದ್ದಾರೆ. ಮೈಸೂರಿನ ಕಲಾಮಂದಿರದಲ್ಲಿ ನಡೆದ ದಲಿತ ಸಮಾವೇಶದಲ್ಲಿ ಮಾತನಾಡಿದ ಅವರು, ಕಾಂಗ್ರೆಸ್ ಹೈಕಮಾಂಡ್ ಈ ಬಗ್ಗೆ ಗಂಭೀರವಾಗಿ ಚಿಂತಿಸಬೇಕು

ಹಾಗೂ ದಲಿತರ ಪಾತ್ರ ಸ್ಪಷ್ಟಪಡಿಸಬೇಕು ಎಂದು ಆಗ್ರಹಿಸಿದರು. ಸಿದ್ದರಾಮಯ್ಯ ಅವರು ಮುಖ್ಯಮಂತ್ರಿ ಸ್ಥಾನದಿಂದ ಕೆಳಗಿಳಿದರೆ, ದಲಿತ ಸಮುದಾಯದ ನಾಯಕನನ್ನೇ ಮುಖ್ಯಮಂತ್ರಿ ಮಾಡಬೇಕು ಎಂಬ ಕೂಗು ಸಭೆಯಲ್ಲಿ ಜೋರಾಗಿ ಕೇಳಿಬಂತು. ನನ್ನ ನಂತರ ದಲಿತರು ಸಿಎಂ ಎಂದು ಸಿದ್ದರಾಮಯ್ಯ ಘೋಷಿಸಿದರೆ, ಅವರು ಡಿ.ದೇವರಾಜ ಅರಸು ಅವರಿಗಿಂತಲೂ ಒಂದು ಹಂತ ಮೇಲಕ್ಕೆ ಏರುತ್ತಾರೆ ಎಂದು ಸ್ವಾಮೀಜಿಯೊಬ್ಬರು ಹೇಳಿದರು. 75 ವರ್ಷಗಳಿಂದ ಕಾಂಗ್ರೆಸ್ ಜೊತೆ ನಿಂತಿರುವ ದಲಿತ ಸಮುದಾಯಕ್ಕೆ ನ್ಯಾಯ ಸಿಗಬೇಕು ಎಂದು ಆಗ್ರಹ ಕೇಳಿಬಂದಿದೆ.
